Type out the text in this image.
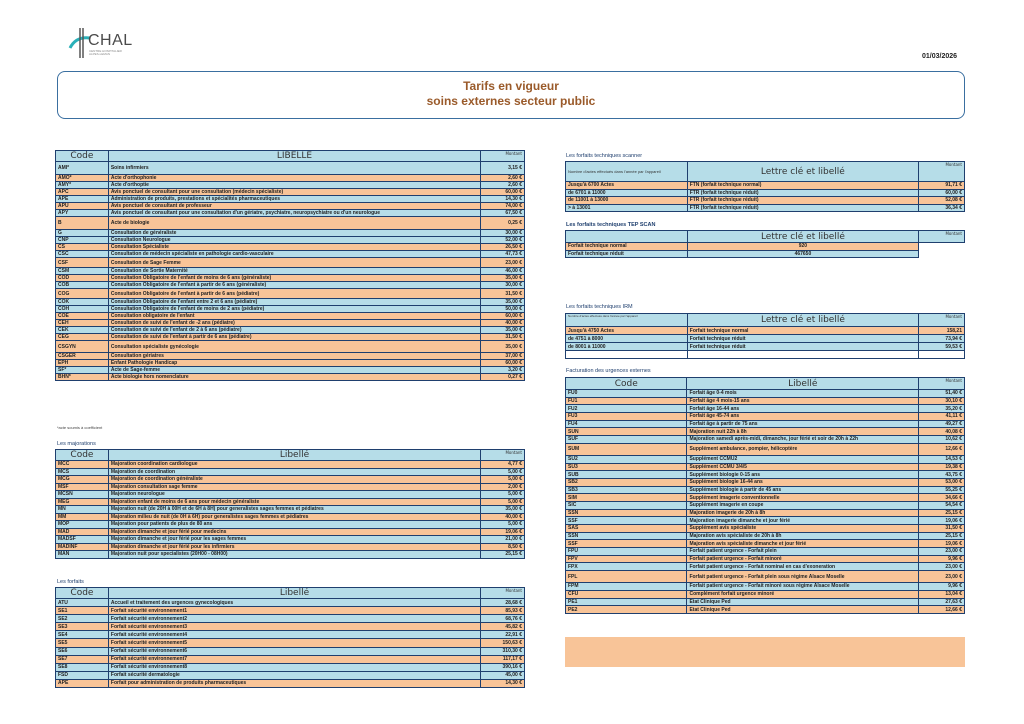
CHAL
CENTRE HOSPITALIER ALPES-LEMAN	01/03/2026
Tarifs en vigueur
soins externes secteur public
Code	LIBELLE	Montant
AMI*	Soins infirmiers	3,15 €
AMO*	Acte d'orthophonie	2,60 €
AMY*	Acte d'orthoptie	2,60 €
APC	Avis ponctuel de consultant pour une consultation (médecin spécialiste)	60,00 €
APE	Administration de produits, prestations et spécialités pharmaceutiques	14,30 €
APU	Avis ponctuel de consultant de professeur	74,00 €
APY	Avis ponctuel de consultant pour une consultation d'un gériatre, psychiatre, neuropsychiatre ou d'un neurologue	67,50 €
B	Acte de biologie	0,25 €
G	Consultation de généraliste	30,00 €
CNP	Consultation Neurologue	52,00 €
CS	Consultation Spécialiste	26,50 €
CSC	Consultation de médecin spécialiste en pathologie cardio-vasculaire	47,73 €
CSF	Consultation de Sage Femme	23,00 €
CSM	Consultation de Sortie Maternité	46,00 €
COD	Consultation Obligatoire de l'enfant de moins de 6 ans (généraliste)	35,00 €
COB	Consultation Obligatoire de l'enfant à partir de 6 ans (généraliste)	30,00 €
COG	Consultation Obligatoire de l'enfant à partir de 6 ans (pédiatre)	31,50 €
COK	Consultation Obligatoire de l'enfant entre 2 et 6 ans (pédiatre)	35,00 €
COH	Consultation Obligatoire de l'enfant de moins de 2 ans (pédiatre)	50,00 €
COE	Consultation obligatoire de l'enfant	60,00 €
CEH	Consultation de suivi de l'enfant de -2 ans (pédiatre)	40,00 €
CEK	Consultation de suivi de l'enfant de 2 à 6 ans (pédiatre)	35,00 €
CEG	Consultation de suivi de l'enfant à partir de 6 ans (pédiatre)	31,50 €
CSGYN	Consultation spécialiste gynécologie	35,00 €
CSGER	Consultation gériatres	37,00 €
EPH	Enfant Pathologie Handicap	60,00 €
SF*	Acte de Sage-femme	3,20 €
BHN*	Acte biologie hors nomenclature	0,27 €
*acte soumis à coefficient
Les majorations
Code	Libellé	Montant
MCC	Majoration coordination cardiologue	4,77 €
MCS	Majoration de coordination	5,00 €
MCG	Majoration de coordination généraliste	5,00 €
MSF	Majoration consultation sage femme	2,00 €
MCSN	Majoration neurologue	5,00 €
MEG	Majoration enfant de moins de 6 ans pour médecin généraliste	5,00 €
MN	Majoration nuit (de 20H à 00H et de 6H à 8H) pour generalistes sages femmes et pédiatres	35,00 €
MM	Majoration milieu de nuit (de 0H à 6H) pour generalistes sages femmes et pédiatres	40,00 €
MOP	Majoration pour patients de plus de 80 ans	5,00 €
MAD	Majoration dimanche et jour férié pour medecins	19,06 €
MADSF	Majoration dimanche et jour férié pour les sages femmes	21,00 €
MADINF	Majoration dimanche et jour férié pour les infirmiers	8,50 €
MAN	Majoration nuit pour specialistes (20H00 - 08H00)	25,15 €
Les forfaits
Code	Libellé	Montant
ATU	Accueil et traitement des urgences gynecologiques	28,68 €
SE1	Forfait sécurité environnement1	85,93 €
SE2	Forfait sécurité environnement2	68,76 €
SE3	Forfait sécurité environnement3	45,82 €
SE4	Forfait sécurité environnement4	22,91 €
SE5	Forfait sécurité environnement5	150,63 €
SE6	Forfait sécurité environnement6	310,30 €
SE7	Forfait sécurité environnement7	117,17 €
SE8	Forfait sécurité environnement8	390,16 €
FSD	Forfait sécurité dermatologie	45,00 €
APE	Forfait pour administration de produits pharmaceutiques	14,30 €
Les forfaits techniques scanner
Nombre d'actes effectués dans l'année par l'appareil	Lettre clé et libellé	Montant
Jusqu'à 6700 Actes	FTN (forfait technique normal)	91,71 €
de 6701 à 11000	FTR (forfait technique réduit)	60,00 €
de 11001 à 13000	FTR (forfait technique réduit)	52,08 €
> à 13001	FTR (forfait technique réduit)	36,34 €
Les forfaits techniques TEP SCAN
	Lettre clé et libellé	Montant
Forfait technique normal	920	
Forfait technique réduit	467650	
Les forfaits techniques IRM
Nombre d'actes effectués dans l'année par l'appareil	Lettre clé et libellé	Montant
Jusqu'à 4750 Actes	Forfait technique normal	158,21
de 4751 à 8000	Forfait technique réduit	73,94 €
de 8001 à 11000	Forfait technique réduit	59,53 €

Facturation des urgences externes
Code	Libellé	Montant
FU0	Forfait âge 0-4 mois	51,40 €
FU1	Forfait âge 4 mois-15 ans	30,10 €
FU2	Forfait âge 16-44 ans	35,20 €
FU3	Forfait âge 45-74 ans	41,11 €
FU4	Forfait âge à partir de 75 ans	49,27 €
SUN	Majoration nuit 22h à 8h	40,08 €
SUF	Majoration samedi après-midi, dimanche, jour férié et soir de 20h à 22h	10,62 €
SUM	Supplément ambulance, pompier, hélicoptère	12,66 €
SU2	Supplément CCMU2	14,53 €
SU3	Supplément CCMU 3/4/5	19,38 €
SUB	Supplément biologie 0-15 ans	43,75 €
SB2	Supplément biologie 16-44 ans	53,00 €
SB3	Supplément biologie à partir de 45 ans	55,25 €
SIM	Supplément imagerie conventionnelle	34,66 €
SIC	Supplément imagerie en coupe	54,54 €
SSN	Majoration imagerie de 20h à 8h	25,15 €
SSF	Majoration imagerie dimanche et jour férié	19,06 €
SAS	Supplément avis spécialiste	31,50 €
SSN	Majoration avis spécialiste de 20h à 8h	25,15 €
SSF	Majoration avis spécialiste dimanche et jour férié	19,06 €
FPU	Forfait patient urgence - Forfait plein	23,00 €
FPV	Forfait patient urgence - Forfait minoré	9,96 €
FPX	Forfait patient urgence - Forfait nominal en cas d'exoneration	23,00 €
FPL	Forfait patient urgence - Forfait plein sous régime Alsace Moselle	23,00 €
FPM	Forfait patient urgence - Forfait minoré sous régime Alsace Moselle	9,96 €
CFU	Complément forfait urgence minoré	13,04 €
PE1	Etat Clinique Ped	27,63 €
PE2	Etat Clinique Ped	12,66 €
